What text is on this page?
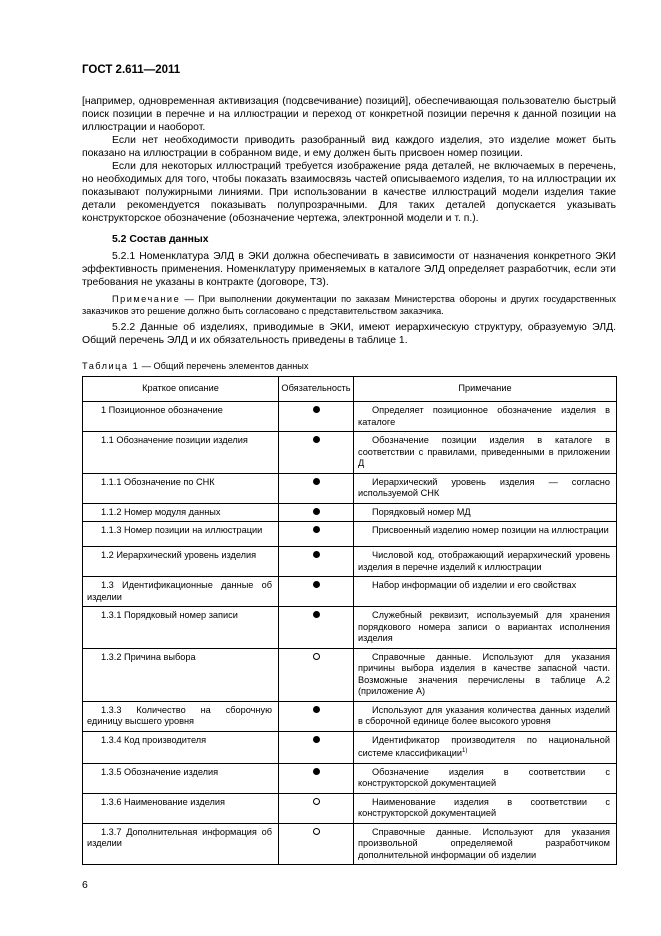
ГОСТ 2.611—2011

[например, одновременная активизация (подсвечивание) позиций], обеспечивающая пользователю быстрый поиск позиции в перечне и на иллюстрации и переход от конкретной позиции перечня к данной позиции на иллюстрации и наоборот.

Если нет необходимости приводить разобранный вид каждого изделия, это изделие может быть показано на иллюстрации в собранном виде, и ему должен быть присвоен номер позиции.

Если для некоторых иллюстраций требуется изображение ряда деталей, не включаемых в перечень, но необходимых для того, чтобы показать взаимосвязь частей описываемого изделия, то на иллюстрации их показывают полужирными линиями. При использовании в качестве иллюстраций модели изделия такие детали рекомендуется показывать полупрозрачными. Для таких деталей допускается указывать конструкторское обозначение (обозначение чертежа, электронной модели и т. п.).

5.2 Состав данных

5.2.1 Номенклатура ЭЛД в ЭКИ должна обеспечивать в зависимости от назначения конкретного ЭКИ эффективность применения. Номенклатуру применяемых в каталоге ЭЛД определяет разработчик, если эти требования не указаны в контракте (договоре, ТЗ).

Примечание — При выполнении документации по заказам Министерства обороны и других государственных заказчиков это решение должно быть согласовано с представительством заказчика.

5.2.2 Данные об изделиях, приводимые в ЭКИ, имеют иерархическую структуру, образуемую ЭЛД. Общий перечень ЭЛД и их обязательность приведены в таблице 1.

Таблица 1 — Общий перечень элементов данных
Краткое описание	Обязательность	Примечание
1 Позиционное обозначение		Определяет позиционное обозначение изделия в каталоге
1.1 Обозначение позиции изделия		Обозначение позиции изделия в каталоге в соответствии с правилами, приведенными в приложении Д
1.1.1 Обозначение по СНК		Иерархический уровень изделия — согласно используемой СНК
1.1.2 Номер модуля данных		Порядковый номер МД
1.1.3 Номер позиции на иллюстрации		Присвоенный изделию номер позиции на иллюстрации
1.2 Иерархический уровень изделия		Числовой код, отображающий иерархический уровень изделия в перечне изделий к иллюстрации
1.3 Идентификационные данные об изделии		Набор информации об изделии и его свойствах
1.3.1 Порядковый номер записи		Служебный реквизит, используемый для хранения порядкового номера записи о вариантах исполнения изделия
1.3.2 Причина выбора		Справочные данные. Используют для указания причины выбора изделия в качестве запасной части. Возможные значения перечислены в таблице А.2 (приложение А)
1.3.3 Количество на сборочную единицу высшего уровня		Используют для указания количества данных изделий в сборочной единице более высокого уровня
1.3.4 Код производителя		Идентификатор производителя по национальной системе классификации$^{1)}$
1.3.5 Обозначение изделия		Обозначение изделия в соответствии с конструкторской документацией
1.3.6 Наименование изделия		Наименование изделия в соответствии с конструкторской документацией
1.3.7 Дополнительная информация об изделии		Справочные данные. Используют для указания произвольной определяемой разработчиком дополнительной информации об изделии
6
